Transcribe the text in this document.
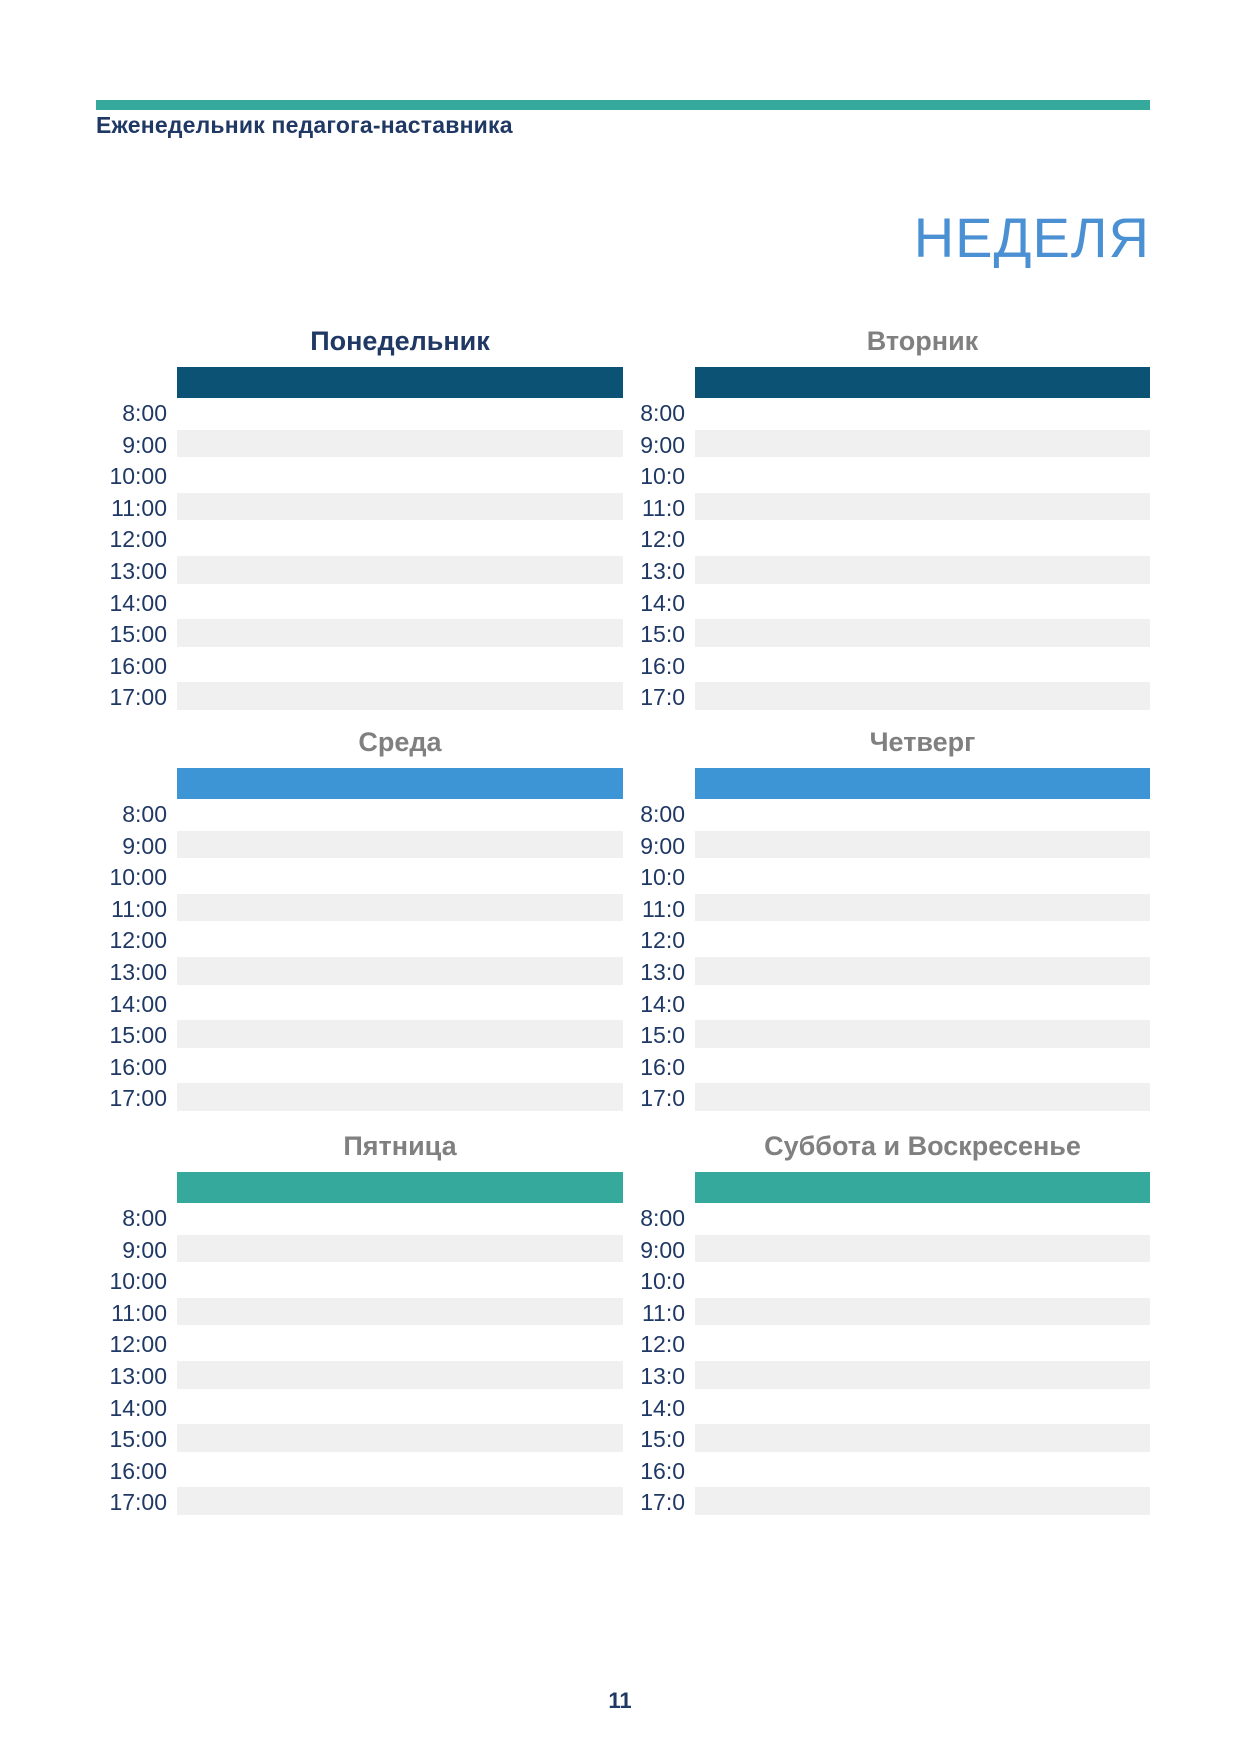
Еженедельник педагога-наставника
НЕДЕЛЯ
Понедельник
8:00
9:00
10:00
11:00
12:00
13:00
14:00
15:00
16:00
17:00
Вторник
8:00
9:00
10:0
11:0
12:0
13:0
14:0
15:0
16:0
17:0
Среда
8:00
9:00
10:00
11:00
12:00
13:00
14:00
15:00
16:00
17:00
Четверг
8:00
9:00
10:0
11:0
12:0
13:0
14:0
15:0
16:0
17:0
Пятница
8:00
9:00
10:00
11:00
12:00
13:00
14:00
15:00
16:00
17:00
Суббота и Воскресенье
8:00
9:00
10:0
11:0
12:0
13:0
14:0
15:0
16:0
17:0
11
